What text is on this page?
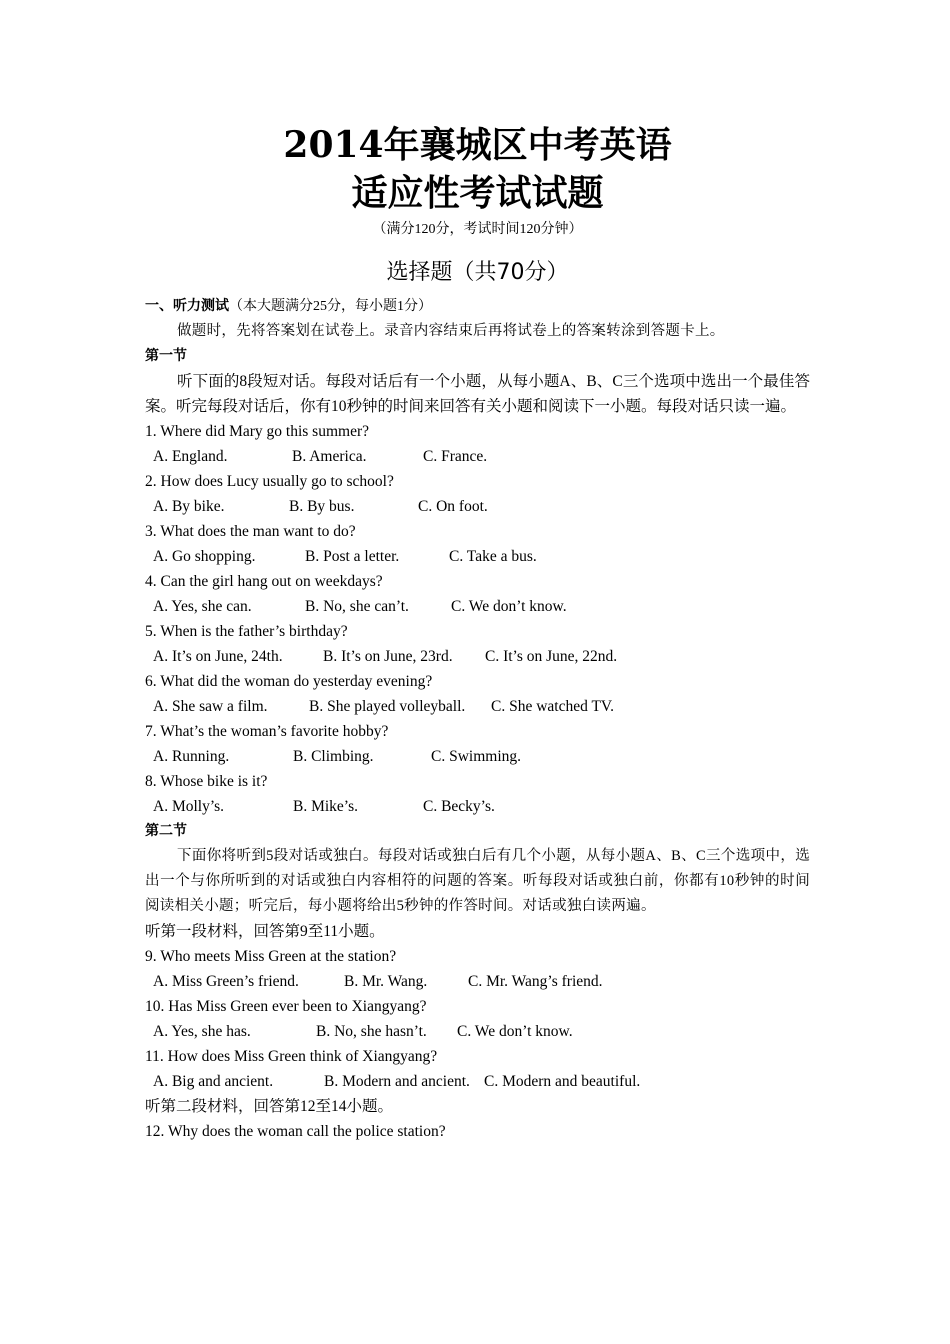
2014年襄城区中考英语
适应性考试试题
（满分120分，考试时间120分钟）
选择题（共70分）
一、听力测试（本大题满分25分，每小题1分）
做题时，先将答案划在试卷上。录音内容结束后再将试卷上的答案转涂到答题卡上。
第一节
听下面的8段短对话。每段对话后有一个小题，从每小题A、B、C三个选项中选出一个最佳答案。听完每段对话后，你有10秒钟的时间来回答有关小题和阅读下一小题。每段对话只读一遍。
1. Where did Mary go this summer?
A. England.	B. America.	C. France.
2. How does Lucy usually go to school?
A. By bike.	B. By bus.	C. On foot.
3. What does the man want to do?
A. Go shopping.	B. Post a letter.	C. Take a bus.
4. Can the girl hang out on weekdays?
A. Yes, she can.	B. No, she can’t.	C. We don’t know.
5. When is the father’s birthday?
A. It’s on June, 24th.	B. It’s on June, 23rd.	C. It’s on June, 22nd.
6. What did the woman do yesterday evening?
A. She saw a film.	B. She played volleyball.	C. She watched TV.
7. What’s the woman’s favorite hobby?
A. Running.	B. Climbing.	C. Swimming.
8. Whose bike is it?
A. Molly’s.	B. Mike’s.	C. Becky’s.
第二节
下面你将听到5段对话或独白。每段对话或独白后有几个小题，从每小题A、B、C三个选项中，选出一个与你所听到的对话或独白内容相符的问题的答案。听每段对话或独白前，你都有10秒钟的时间阅读相关小题；听完后，每小题将给出5秒钟的作答时间。对话或独白读两遍。
听第一段材料，回答第9至11小题。
9. Who meets Miss Green at the station?
A. Miss Green’s friend.	B. Mr. Wang.	C. Mr. Wang’s friend.
10. Has Miss Green ever been to Xiangyang?
A. Yes, she has.	B. No, she hasn’t.	C. We don’t know.
11. How does Miss Green think of Xiangyang?
A. Big and ancient.	B. Modern and ancient. C. Modern and beautiful.
听第二段材料，回答第12至14小题。
12. Why does the woman call the police station?
